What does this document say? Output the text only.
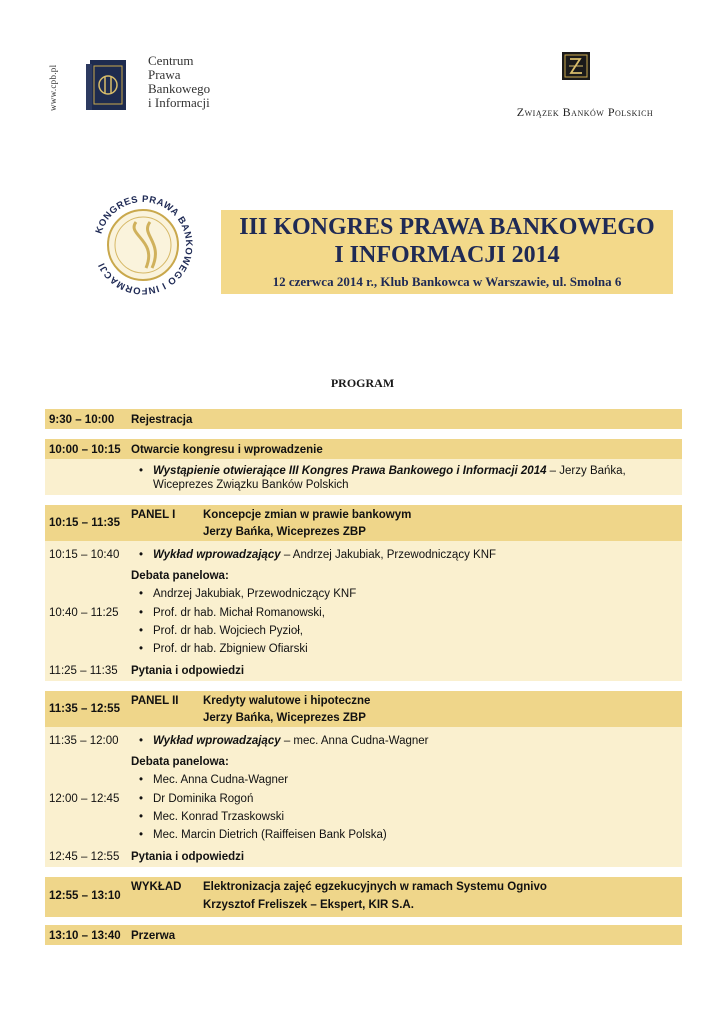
www.cpb.pl
Centrum
Prawa
Bankowego
i Informacji
Związek Banków Polskich
KONGRES PRAWA BANKOWEGO I INFORMACJI
III KONGRES PRAWA BANKOWEGO
I INFORMACJI 2014
12 czerwca 2014 r., Klub Bankowca w Warszawie, ul. Smolna 6
PROGRAM
9:30 – 10:00 Rejestracja
10:00 – 10:15 Otwarcie kongresu i wprowadzenie
• Wystąpienie otwierające III Kongres Prawa Bankowego i Informacji 2014 – Jerzy Bańka,
Wiceprezes Związku Banków Polskich
10:15 – 11:35
PANEL I Koncepcje zmian w prawie bankowym
Jerzy Bańka, Wiceprezes ZBP
10:15 – 10:40	• Wykład wprowadzający – Andrzej Jakubiak, Przewodniczący KNF
Debata panelowa:
10:40 – 11:25
• Andrzej Jakubiak, Przewodniczący KNF
• Prof. dr hab. Michał Romanowski,
• Prof. dr hab. Wojciech Pyzioł,
• Prof. dr hab. Zbigniew Ofiarski
11:25 – 11:35 Pytania i odpowiedzi
11:35 – 12:55
PANEL II Kredyty walutowe i hipoteczne
Jerzy Bańka, Wiceprezes ZBP
11:35 – 12:00	• Wykład wprowadzający – mec. Anna Cudna-Wagner
Debata panelowa:
12:00 – 12:45
• Mec. Anna Cudna-Wagner
• Dr Dominika Rogoń
• Mec. Konrad Trzaskowski
• Mec. Marcin Dietrich (Raiffeisen Bank Polska)
12:45 – 12:55 Pytania i odpowiedzi
12:55 – 13:10
WYKŁAD Elektronizacja zajęć egzekucyjnych w ramach Systemu Ognivo
Krzysztof Freliszek – Ekspert, KIR S.A.
13:10 – 13:40 Przerwa
